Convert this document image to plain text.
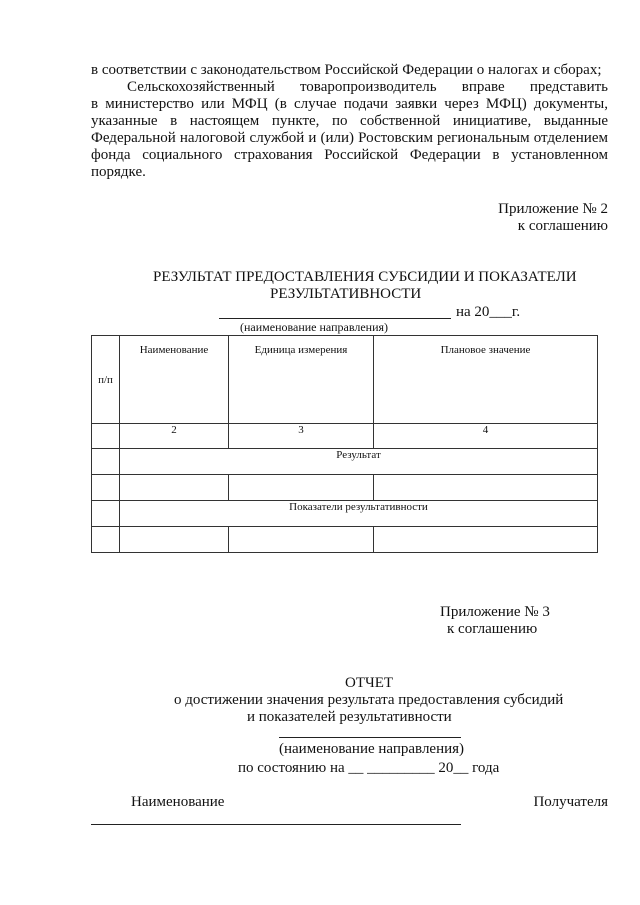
в соответствии с законодательством Российской Федерации о налогах и сборах;
Сельскохозяйственный товаропроизводитель вправе представить
в министерство или МФЦ (в случае подачи заявки через МФЦ) документы,
указанные в настоящем пункте, по собственной инициативе, выданные
Федеральной налоговой службой и (или) Ростовским региональным отделением
фонда социального страхования Российской Федерации в установленном
порядке.
Приложение № 2
к соглашению
РЕЗУЛЬТАТ ПРЕДОСТАВЛЕНИЯ СУБСИДИИ И ПОКАЗАТЕЛИ
РЕЗУЛЬТАТИВНОСТИ
на 20___г.
(наименование направления)
п/п	Наименование	Единица измерения	Плановое значение
	2	3	4
	Результат		

	Показатели результативности		

Приложение № 3
к соглашению
ОТЧЕТ
о достижении значения результата предоставления субсидий
и показателей результативности
(наименование направления)
по состоянию на __ _________ 20__ года
Наименование	Получателя
